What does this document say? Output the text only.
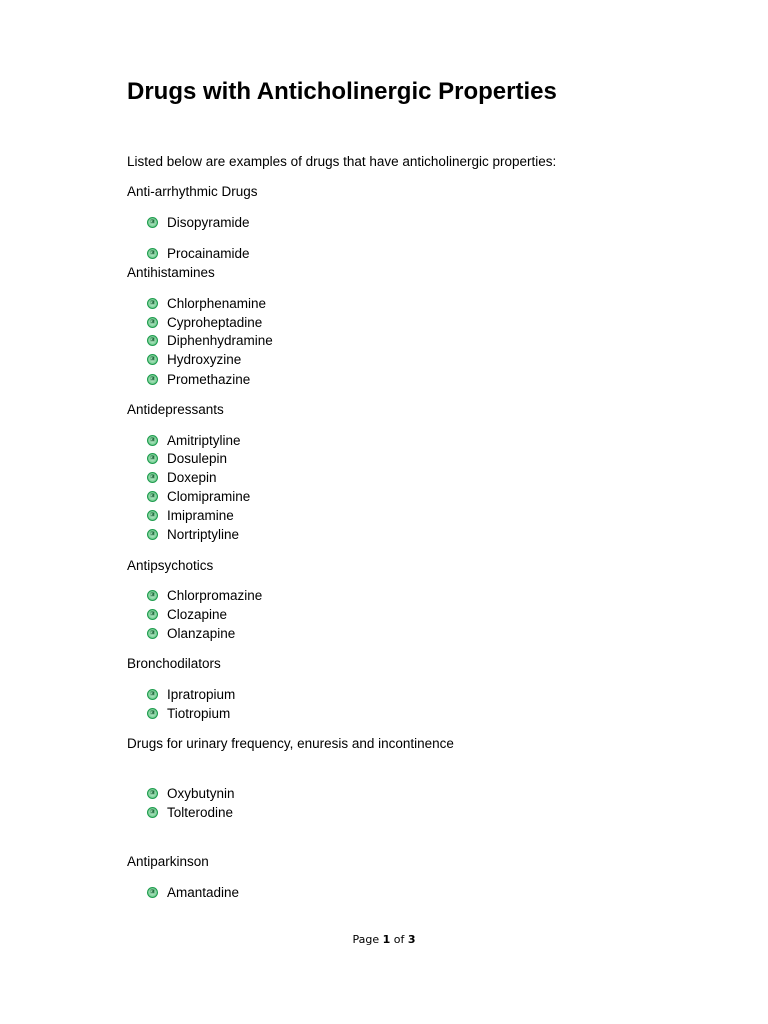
Drugs with Anticholinergic Properties
Listed below are examples of drugs that have anticholinergic properties:
Anti-arrhythmic Drugs
③ Disopyramide
③ Procainamide
Antihistamines
③ Chlorphenamine
③ Cyproheptadine
③ Diphenhydramine
③ Hydroxyzine
③ Promethazine
Antidepressants
③ Amitriptyline
③ Dosulepin
③ Doxepin
③ Clomipramine
③ Imipramine
③ Nortriptyline
Antipsychotics
③ Chlorpromazine
③ Clozapine
③ Olanzapine
Bronchodilators
③ Ipratropium
③ Tiotropium
Drugs for urinary frequency, enuresis and incontinence
③ Oxybutynin
③ Tolterodine
Antiparkinson
③ Amantadine
Page 1 of 3
